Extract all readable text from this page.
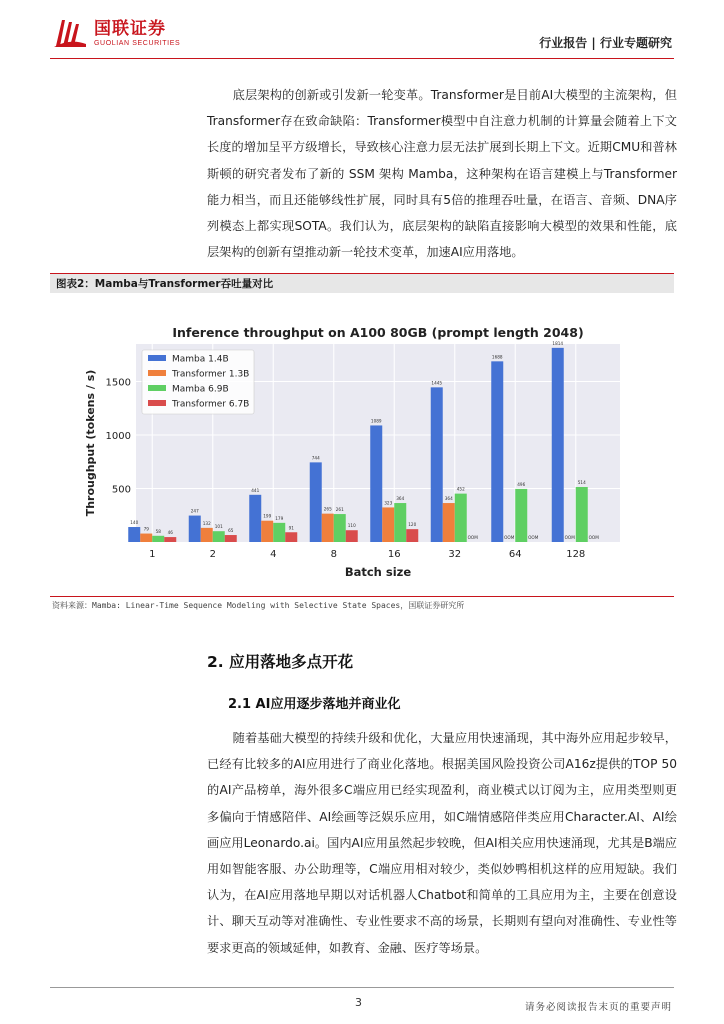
国联证券
GUOLIAN SECURITIES	行业报告 | 行业专题研究

底层架构的创新或引发新一轮变革。Transformer是目前AI大模型的主流架构，但Transformer存在致命缺陷：Transformer模型中自注意力机制的计算量会随着上下文长度的增加呈平方级增长，导致核心注意力层无法扩展到长期上下文。近期CMU和普林斯顿的研究者发布了新的 SSM 架构 Mamba，这种架构在语言建模上与Transformer能力相当，而且还能够线性扩展，同时具有5倍的推理吞吐量，在语言、音频、DNA序列模态上都实现SOTA。我们认为，底层架构的缺陷直接影响大模型的效果和性能，底层架构的创新有望推动新一轮技术变革，加速AI应用落地。

图表2：Mamba与Transformer吞吐量对比
140
79 58 46
247
132
101
65
441
199 179
91
744
265 261
110
1089
323
364
120
1445
364
452
OOM
1688
OOM
496
OOM
1814
OOM
514
OOM
500
1000
1500
1	2	4	8	16	32	64	128
Mamba 1.4B
Transformer 1.3B
Mamba 6.9B
Transformer 6.7B
Inference throughput on A100 80GB (prompt length 2048)
Batch size
Throughput (tokens / s)
资料来源：Mamba: Linear-Time Sequence Modeling with Selective State Spaces，国联证券研究所
2. 应用落地多点开花
2.1 AI应用逐步落地并商业化

随着基础大模型的持续升级和优化，大量应用快速涌现，其中海外应用起步较早，已经有比较多的AI应用进行了商业化落地。根据美国风险投资公司A16z提供的TOP 50的AI产品榜单，海外很多C端应用已经实现盈利，商业模式以订阅为主，应用类型则更多偏向于情感陪伴、AI绘画等泛娱乐应用，如C端情感陪伴类应用Character.AI、AI绘画应用Leonardo.ai。国内AI应用虽然起步较晚，但AI相关应用快速涌现，尤其是B端应用如智能客服、办公助理等，C端应用相对较少，类似妙鸭相机这样的应用短缺。我们认为，在AI应用落地早期以对话机器人Chatbot和简单的工具应用为主，主要在创意设计、聊天互动等对准确性、专业性要求不高的场景，长期则有望向对准确性、专业性等要求更高的领域延伸，如教育、金融、医疗等场景。

3	请务必阅读报告末页的重要声明
